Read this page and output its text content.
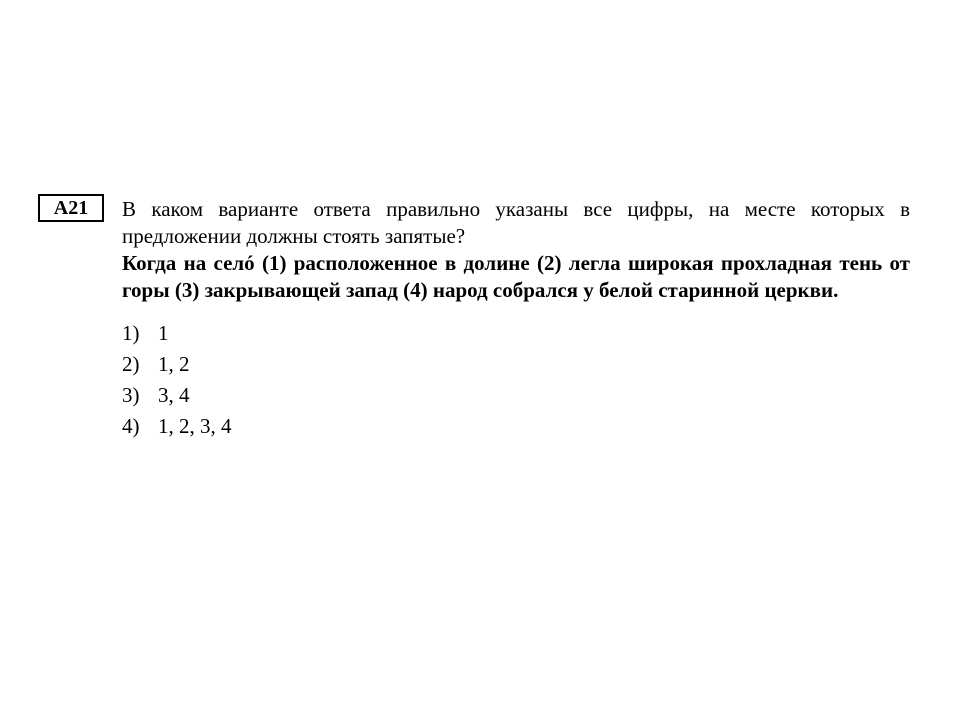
A21	В каком варианте ответа правильно указаны все цифры, на месте которых в предложении должны стоять запятые?

Когда на селó (1) расположенное в долине (2) легла широкая прохладная тень от горы (3) закрывающей запад (4) народ собрался у белой старинной церкви.

1) 1
2) 1, 2
3) 3, 4
4) 1, 2, 3, 4
